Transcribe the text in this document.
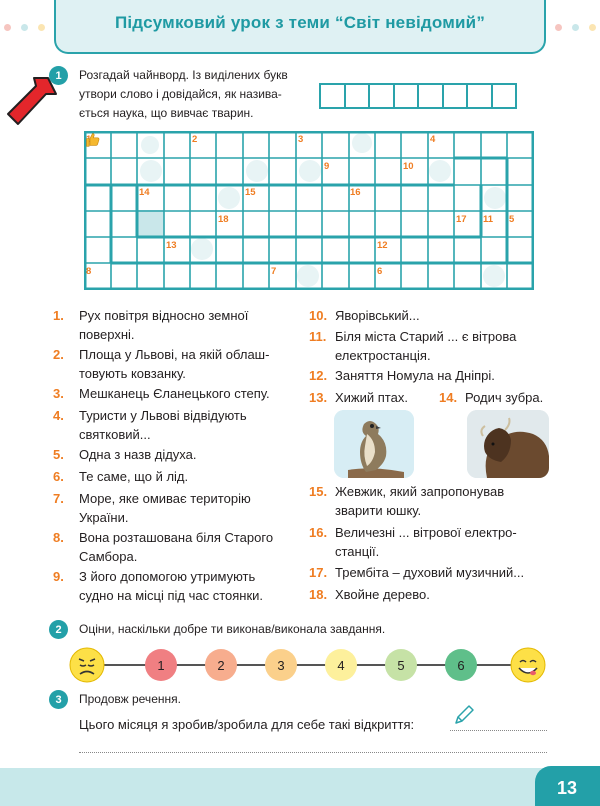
Підсумковий урок з теми “Світ невідомий”
1	Розгадай чайнворд. Із виділених букв
утвори слово і довідайся, як назива-
ється наука, що вивчає тварин.
2	3	4
9	10
14	15	16
18	17 11 5
13	12
8	7	6
1.	Рух повітря відносно земної
поверхні.
2.	Площа у Львові, на якій облаш-
товують ковзанку.
3.	Мешканець Єланецького степу.
4.	Туристи у Львові відвідують
святковий...
5.	Одна з назв дідуха.
6.	Те саме, що й лід.
7.	Море, яке омиває територію
України.
8.	Вона розташована біля Старого
Самбора.
9.	З його допомогою утримують
судно на місці під час стоянки.
10. Яворівський...
11. Біля міста Старий ... є вітрова
електростанція.
12. Заняття Номула на Дніпрі.
13. Хижий птах. 14. Родич зубра.
15. Жевжик, який запропонував
зварити юшку.
16. Величезні ... вітрової електро-
станції.
17. Трембіта – духовий музичний...
18. Хвойне дерево.
2	Оціни, наскільки добре ти виконав/виконала завдання.
1	2	3	4	5	6
3	Продовж речення.
Цього місяця я зробив/зробила для себе такі відкриття:
13
